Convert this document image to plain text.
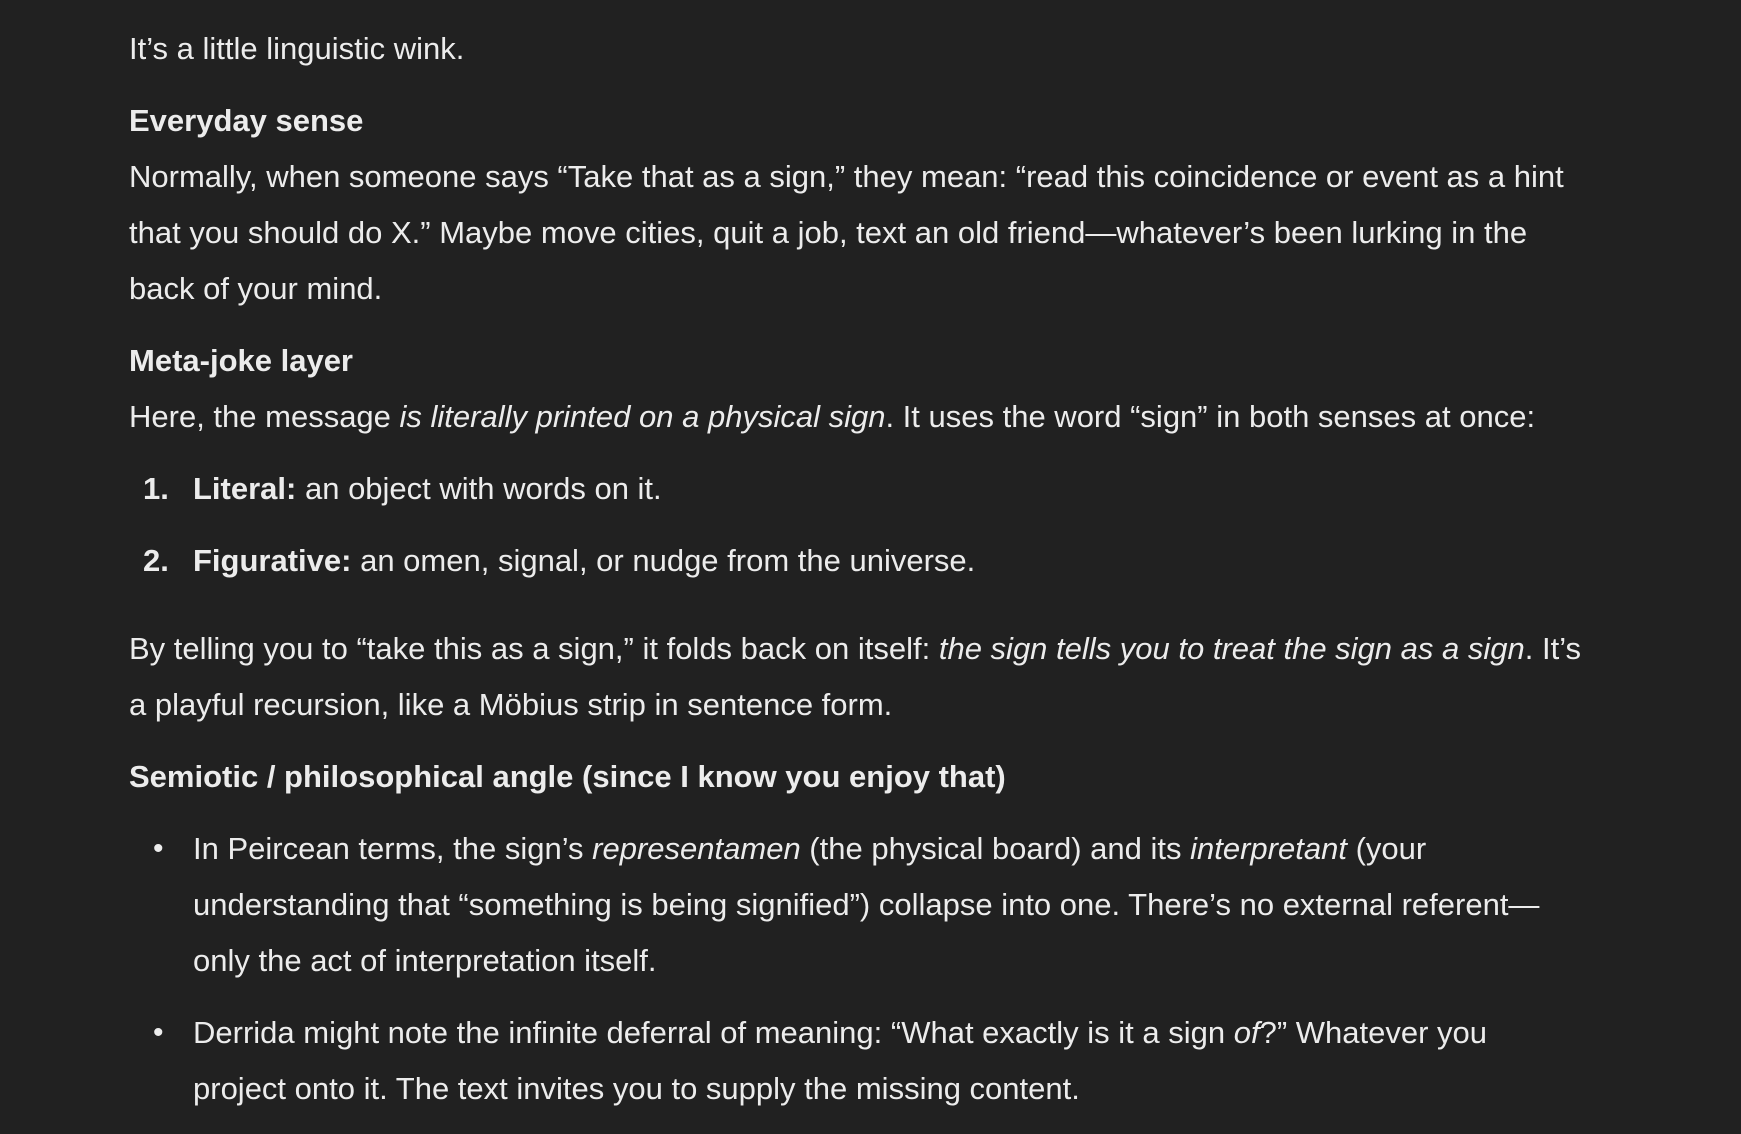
It’s a little linguistic wink.
Everyday sense
Normally, when someone says “Take that as a sign,” they mean: “read this coincidence or event as a hint
that you should do X.” Maybe move cities, quit a job, text an old friend—whatever’s been lurking in the
back of your mind.
Meta-joke layer
Here, the message is literally printed on a physical sign. It uses the word “sign” in both senses at once:
1. Literal: an object with words on it.
2. Figurative: an omen, signal, or nudge from the universe.
By telling you to “take this as a sign,” it folds back on itself: the sign tells you to treat the sign as a sign. It’s
a playful recursion, like a Möbius strip in sentence form.
Semiotic / philosophical angle (since I know you enjoy that)
• In Peircean terms, the sign’s representamen (the physical board) and its interpretant (your
understanding that “something is being signified”) collapse into one. There’s no external referent—
only the act of interpretation itself.
• Derrida might note the infinite deferral of meaning: “What exactly is it a sign of?” Whatever you
project onto it. The text invites you to supply the missing content.
